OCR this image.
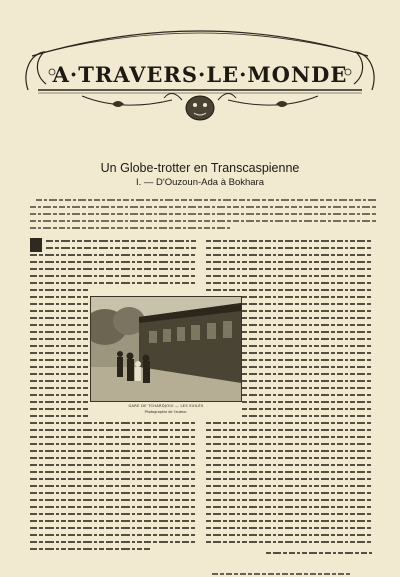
A·TRAVERS·LE·MONDE
Un Globe-trotter en Transcaspienne
I. — D'Ouzoun-Ada à Bokhara
GARE DE TCHARDJOUI — LES EXILÉS
Photographie de l'auteur.
